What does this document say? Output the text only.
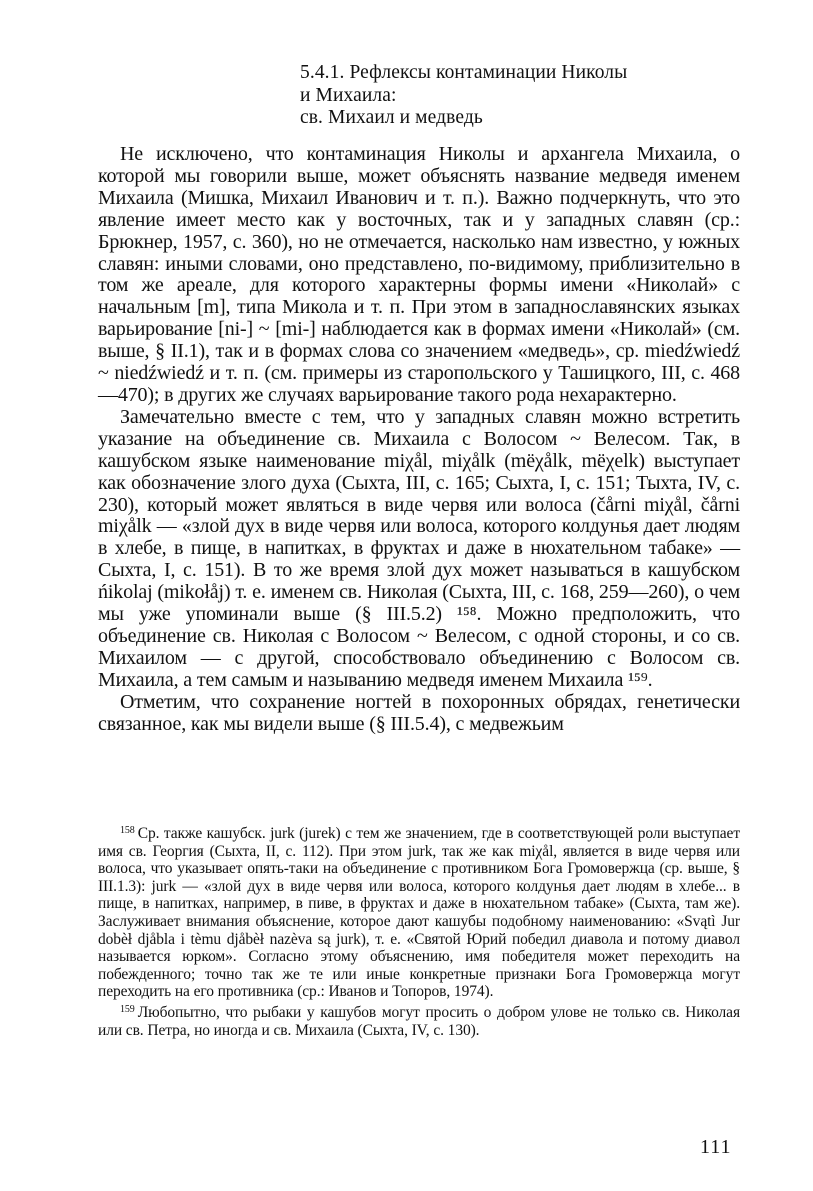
5.4.1. Рефлексы контаминации Николы
и Михаила:
св. Михаил и медведь

Не исключено, что контаминация Николы и архангела Михаила, о которой мы говорили выше, может объяснять название медведя именем Михаила (Мишка, Михаил Иванович и т. п.). Важно подчеркнуть, что это явление имеет место как у восточных, так и у западных славян (ср.: Брюкнер, 1957, с. 360), но не отмечается, насколько нам известно, у южных славян: иными словами, оно представлено, по-видимому, приблизительно в том же ареале, для которого характерны формы имени «Николай» с начальным [m], типа Микола и т. п. При этом в западнославянских языках варьирование [ni-] ~ [mi-] наблюдается как в формах имени «Николай» (см. выше, § II.1), так и в формах слова со значением «медведь», ср. miedźwiedź ~ niedźwiedź и т. п. (см. примеры из старопольского у Ташицкого, III, с. 468—470); в других же случаях варьирование такого рода нехарактерно.

Замечательно вместе с тем, что у западных славян можно встретить указание на объединение св. Михаила с Волосом ~ Велесом. Так, в кашубском языке наименование miχål, miχålk (mëχålk, mëχelk) выступает как обозначение злого духа (Сыхта, III, с. 165; Сыхта, I, с. 151; Тыхта, IV, с. 230), который может являться в виде червя или волоса (čårni miχål, čårni miχålk — «злой дух в виде червя или волоса, которого колдунья дает людям в хлебе, в пище, в напитках, в фруктах и даже в нюхательном табаке» — Сыхта, I, с. 151). В то же время злой дух может называться в кашубском ńikolaj (mikołåj) т. е. именем св. Николая (Сыхта, III, с. 168, 259—260), о чем мы уже упоминали выше (§ III.5.2) ¹⁵⁸. Можно предположить, что объединение св. Николая с Волосом ~ Велесом, с одной стороны, и со св. Михаилом — с другой, способствовало объединению с Волосом св. Михаила, а тем самым и называнию медведя именем Михаила ¹⁵⁹.

Отметим, что сохранение ногтей в похоронных обрядах, генетически связанное, как мы видели выше (§ III.5.4), с медвежьим

$^{158}$ Ср. также кашубск. jurk (jurek) с тем же значением, где в соответствующей роли выступает имя св. Георгия (Сыхта, II, с. 112). При этом jurk, так же как miχål, является в виде червя или волоса, что указывает опять-таки на объединение с противником Бога Громовержца (ср. выше, § III.1.3): jurk — «злой дух в виде червя или волоса, которого колдунья дает людям в хлебе... в пище, в напитках, например, в пиве, в фруктах и даже в нюхательном табаке» (Сыхта, там же). Заслуживает внимания объяснение, которое дают кашубы подобному наименованию: «Svątì Jur dobèł djåbla i tèmu djåbèł nazèva są jurk), т. е. «Святой Юрий победил диавола и потому диавол называется юрком». Согласно этому объяснению, имя победителя может переходить на побежденного; точно так же те или иные конкретные признаки Бога Громовержца могут переходить на его противника (ср.: Иванов и Топоров, 1974).

$^{159}$ Любопытно, что рыбаки у кашубов могут просить о добром улове не только св. Николая или св. Петра, но иногда и св. Михаила (Сыхта, IV, с. 130).

111
